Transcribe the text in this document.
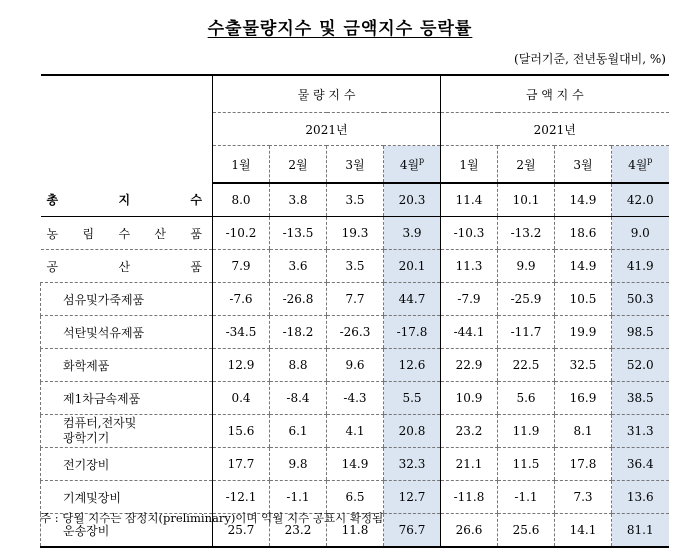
수출물량지수 및 금액지수 등락률
(달러기준, 전년동월대비, %)
	물 량 지 수				금 액 지 수			
	2021년				2021년			
	1월	2월	3월	4월$^p$	1월	2월	3월	4월$^p$
총 지 수	8.0	3.8	3.5	20.3	11.4	10.1	14.9	42.0
농 림 수 산 품	-10.2	-13.5	19.3	3.9	-10.3	-13.2	18.6	9.0
공 산 품	7.9	3.6	3.5	20.1	11.3	9.9	14.9	41.9
섬유및가죽제품	-7.6	-26.8	7.7	44.7	-7.9	-25.9	10.5	50.3
석탄및석유제품	-34.5	-18.2	-26.3	-17.8	-44.1	-11.7	19.9	98.5
화학제품	12.9	8.8	9.6	12.6	22.9	22.5	32.5	52.0
제1차금속제품	0.4	-8.4	-4.3	5.5	10.9	5.6	16.9	38.5

컴퓨터,전자및
광학기기	15.6	6.1	4.1	20.8	23.2	11.9	8.1	31.3
전기장비	17.7	9.8	14.9	32.3	21.1	11.5	17.8	36.4
기계및장비	-12.1	-1.1	6.5	12.7	-11.8	-1.1	7.3	13.6
운송장비	25.7	23.2	11.8	76.7	26.6	25.6	14.1	81.1
주 : 당월 지수는 잠정치(preliminary)이며 익월 지수 공표시 확정됨
